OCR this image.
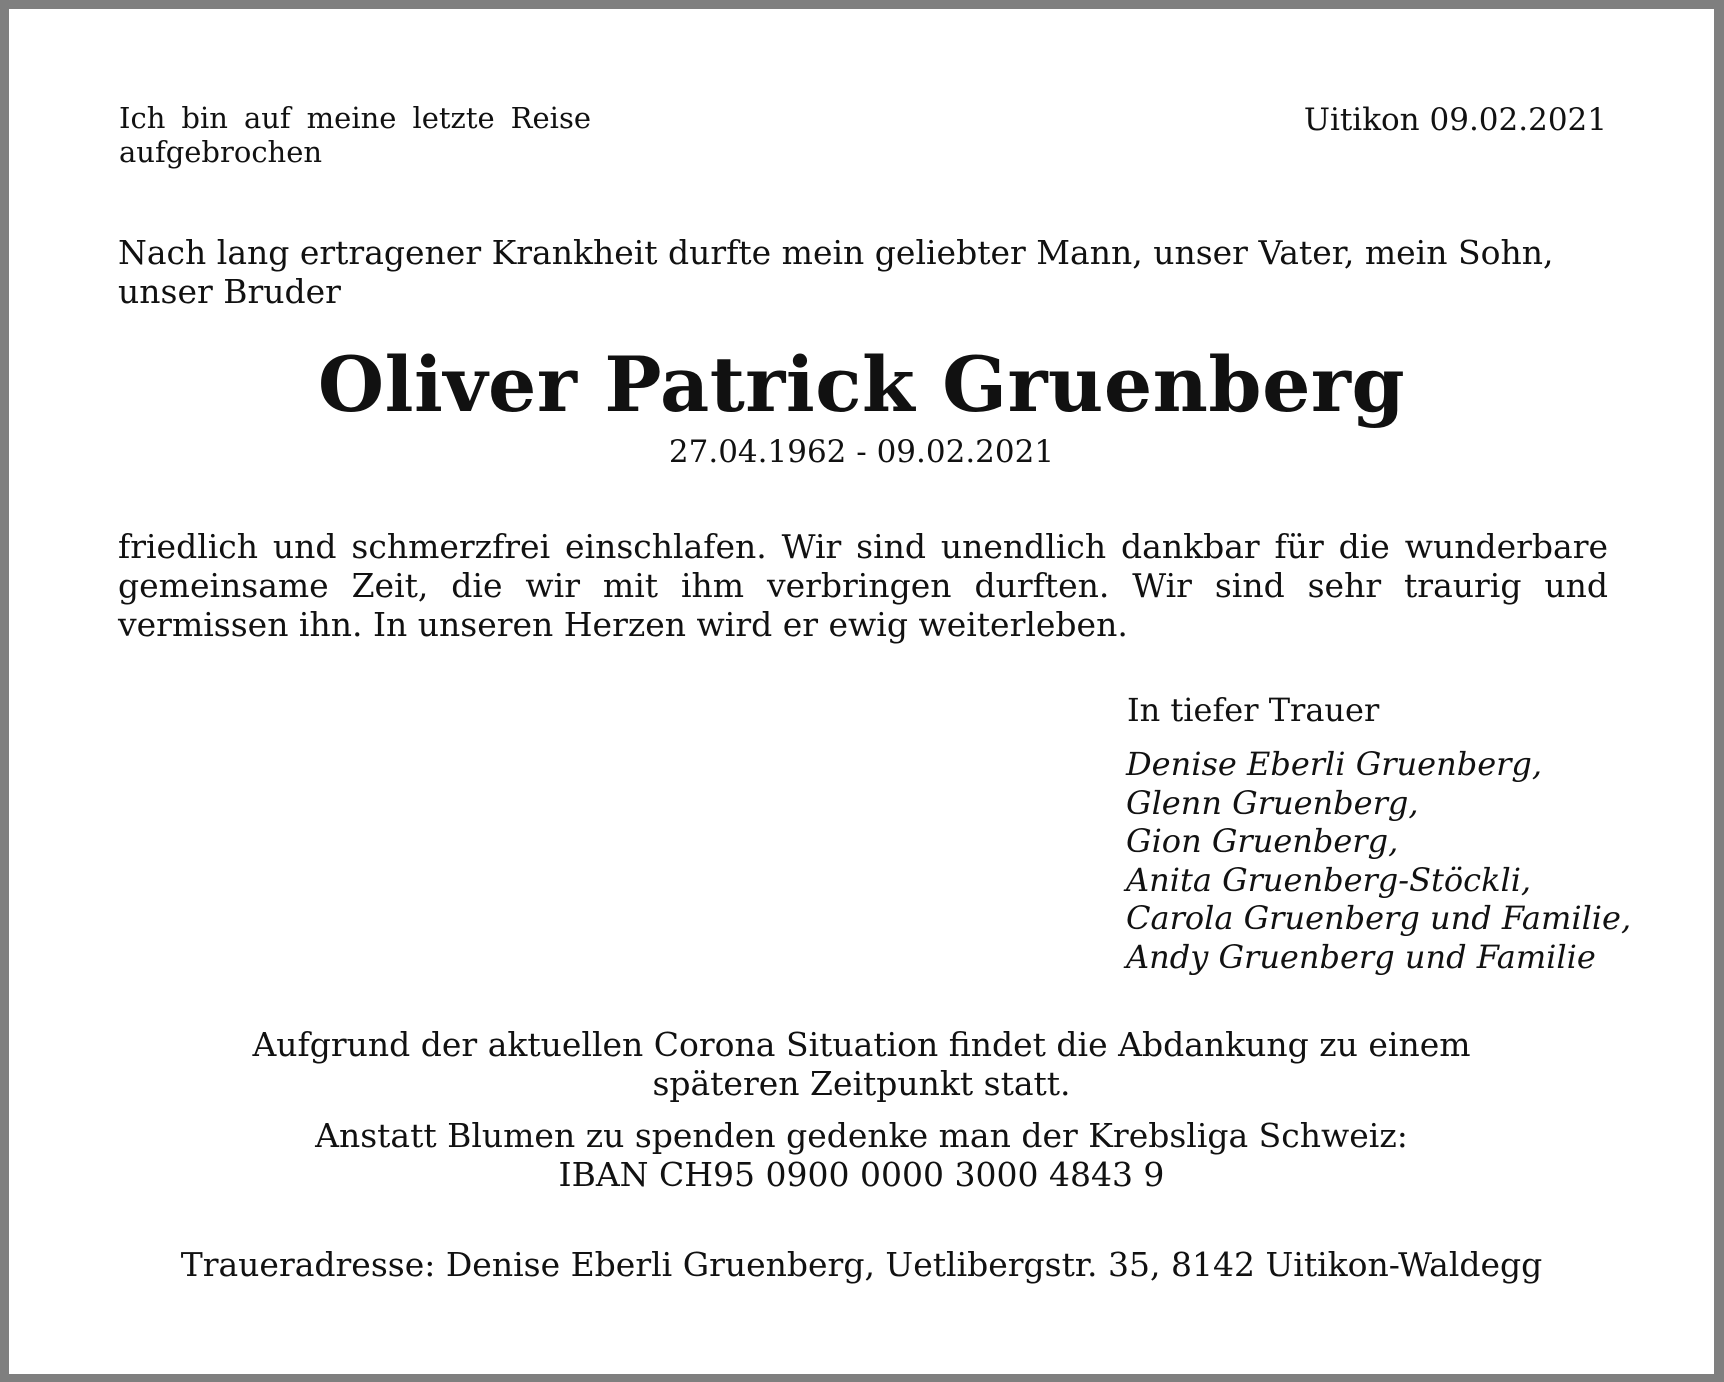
Ich bin auf meine letzte Reise aufgebrochen
Uitikon 09.02.2021
Nach lang ertragener Krankheit durfte mein geliebter Mann, unser Vater, mein Sohn, unser Bruder
Oliver Patrick Gruenberg
27.04.1962 - 09.02.2021
friedlich und schmerzfrei einschlafen. Wir sind unendlich dankbar für die wunderbare gemeinsame Zeit, die wir mit ihm verbringen durften. Wir sind sehr traurig und vermissen ihn. In unseren Herzen wird er ewig weiterleben.
In tiefer Trauer
Denise Eberli Gruenberg,
Glenn Gruenberg,
Gion Gruenberg,
Anita Gruenberg-Stöckli,
Carola Gruenberg und Familie,
Andy Gruenberg und Familie
Aufgrund der aktuellen Corona Situation findet die Abdankung zu einem
späteren Zeitpunkt statt.
Anstatt Blumen zu spenden gedenke man der Krebsliga Schweiz:
IBAN CH95 0900 0000 3000 4843 9
Traueradresse: Denise Eberli Gruenberg, Uetlibergstr. 35, 8142 Uitikon-Waldegg
